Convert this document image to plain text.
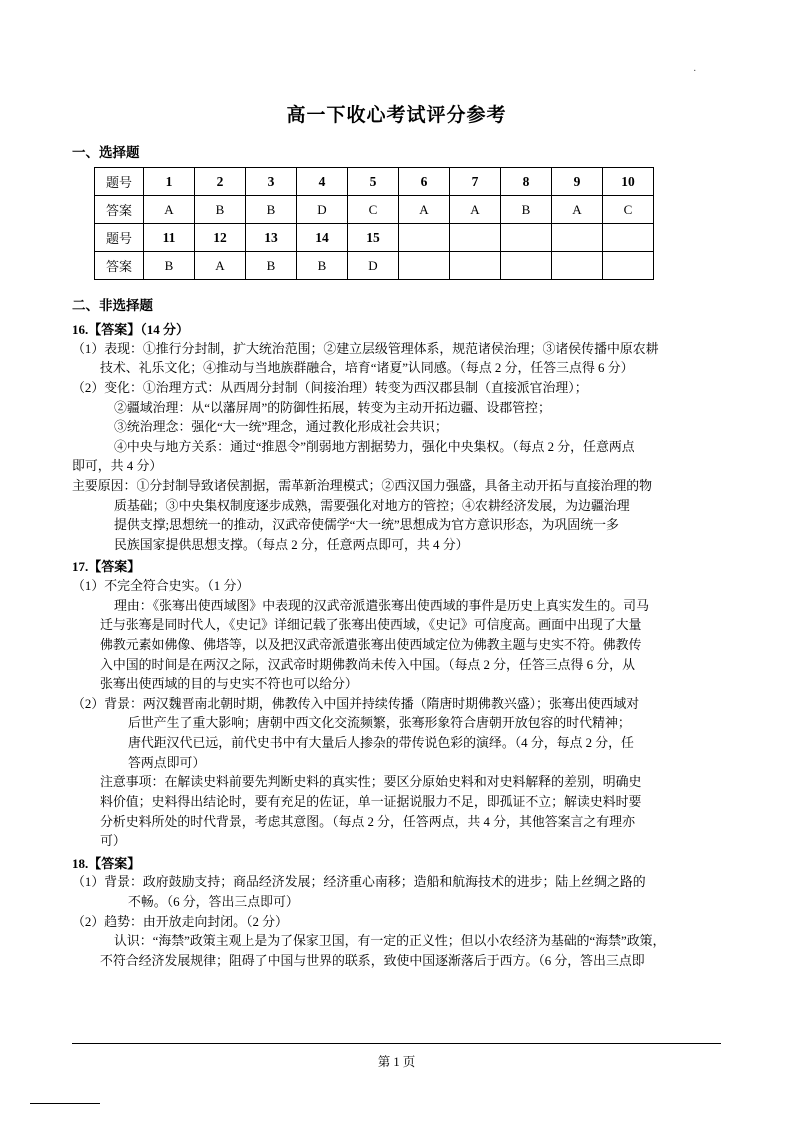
.
高一下收心考试评分参考
一、选择题
题号	1	2	3	4	5	6	7	8	9	10
答案	A	B	B	D	C	A	A	B	A	C
题号	11	12	13	14	15					
答案	B	A	B	B	D					
二、非选择题
16.【答案】（14 分）
（1）表现：①推行分封制，扩大统治范围；②建立层级管理体系，规范诸侯治理；③诸侯传播中原农耕
技术、礼乐文化；④推动与当地族群融合，培育“诸夏”认同感。（每点 2 分，任答三点得 6 分）
（2）变化：①治理方式：从西周分封制（间接治理）转变为西汉郡县制（直接派官治理）；
②疆域治理：从“以藩屏周”的防御性拓展，转变为主动开拓边疆、设郡管控；
③统治理念：强化“大一统”理念，通过教化形成社会共识；
④中央与地方关系：通过“推恩令”削弱地方割据势力，强化中央集权。（每点 2 分，任意两点
即可，共 4 分）
主要原因：①分封制导致诸侯割据，需革新治理模式；②西汉国力强盛，具备主动开拓与直接治理的物
质基础；③中央集权制度逐步成熟，需要强化对地方的管控；④农耕经济发展，为边疆治理
提供支撑;思想统一的推动，汉武帝使儒学“大一统”思想成为官方意识形态，为巩固统一多
民族国家提供思想支撑。（每点 2 分，任意两点即可，共 4 分）
17.【答案】
（1）不完全符合史实。（1 分）
理由：《张骞出使西域图》中表现的汉武帝派遣张骞出使西域的事件是历史上真实发生的。司马
迁与张骞是同时代人，《史记》详细记载了张骞出使西域，《史记》可信度高。画面中出现了大量
佛教元素如佛像、佛塔等，以及把汉武帝派遣张骞出使西域定位为佛教主题与史实不符。佛教传
入中国的时间是在两汉之际，汉武帝时期佛教尚未传入中国。（每点 2 分，任答三点得 6 分，从
张骞出使西域的目的与史实不符也可以给分）
（2）背景：两汉魏晋南北朝时期，佛教传入中国并持续传播（隋唐时期佛教兴盛）；张骞出使西域对
后世产生了重大影响；唐朝中西文化交流频繁，张骞形象符合唐朝开放包容的时代精神；
唐代距汉代已远，前代史书中有大量后人掺杂的带传说色彩的演绎。（4 分，每点 2 分，任
答两点即可）
注意事项：在解读史料前要先判断史料的真实性；要区分原始史料和对史料解释的差别，明确史
料价值；史料得出结论时，要有充足的佐证，单一证据说服力不足，即孤证不立；解读史料时要
分析史料所处的时代背景，考虑其意图。（每点 2 分，任答两点，共 4 分，其他答案言之有理亦
可）
18.【答案】
（1）背景：政府鼓励支持；商品经济发展；经济重心南移；造船和航海技术的进步；陆上丝绸之路的
不畅。（6 分，答出三点即可）
（2）趋势：由开放走向封闭。（2 分）
认识：“海禁”政策主观上是为了保家卫国，有一定的正义性；但以小农经济为基础的“海禁”政策，
不符合经济发展规律；阻碍了中国与世界的联系，致使中国逐渐落后于西方。（6 分，答出三点即
第 1 页
